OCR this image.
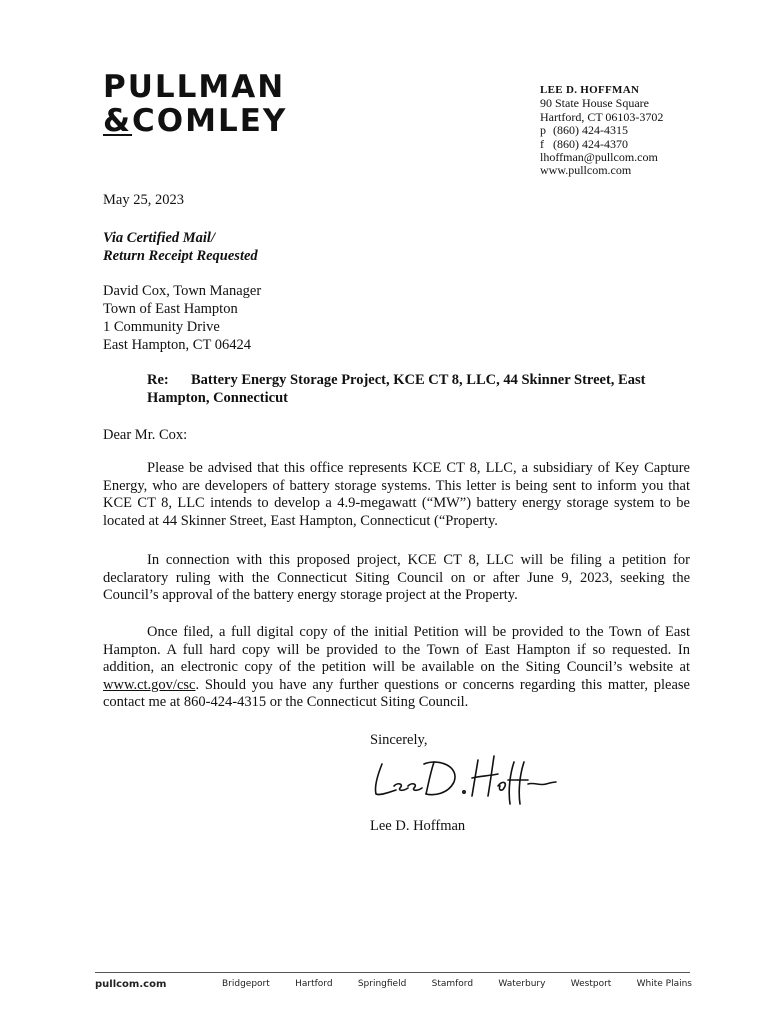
PULLMAN
&COMLEY
LEE D. HOFFMAN
90 State House Square
Hartford, CT 06103-3702
p (860) 424-4315
f (860) 424-4370
lhoffman@pullcom.com
www.pullcom.com
May 25, 2023
Via Certified Mail/
Return Receipt Requested
David Cox, Town Manager
Town of East Hampton
1 Community Drive
East Hampton, CT 06424
Re: Battery Energy Storage Project, KCE CT 8, LLC, 44 Skinner Street, East Hampton, Connecticut
Dear Mr. Cox:

Please be advised that this office represents KCE CT 8, LLC, a subsidiary of Key Capture Energy, who are developers of battery storage systems. This letter is being sent to inform you that KCE CT 8, LLC intends to develop a 4.9-megawatt (“MW”) battery energy storage system to be located at 44 Skinner Street, East Hampton, Connecticut (“Property.

In connection with this proposed project, KCE CT 8, LLC will be filing a petition for declaratory ruling with the Connecticut Siting Council on or after June 9, 2023, seeking the Council’s approval of the battery energy storage project at the Property.

Once filed, a full digital copy of the initial Petition will be provided to the Town of East Hampton. A full hard copy will be provided to the Town of East Hampton if so requested. In addition, an electronic copy of the petition will be available on the Siting Council’s website at www.ct.gov/csc. Should you have any further questions or concerns regarding this matter, please contact me at 860-424-4315 or the Connecticut Siting Council.

Sincerely,
Lee D. Hoffman
pullcom.com	Bridgeport	Hartford	Springfield	Stamford	Waterbury	Westport	White Plains
